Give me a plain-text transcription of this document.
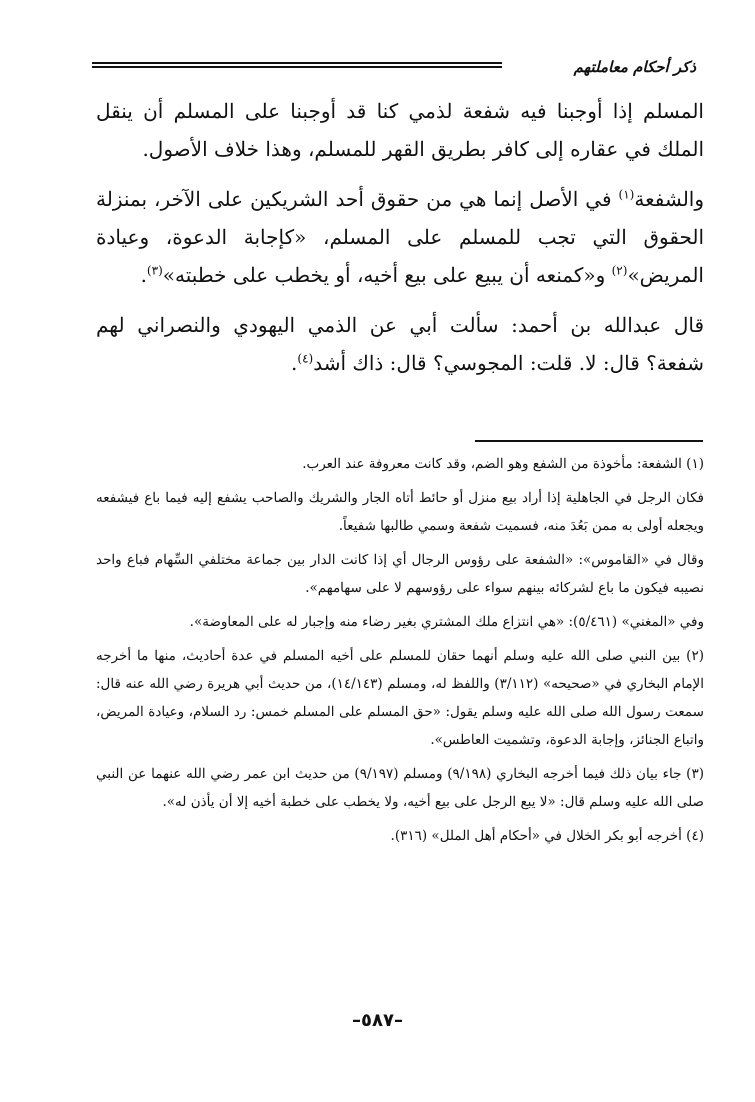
ذكر أحكام معاملتهم

المسلم إذا أوجبنا فيه شفعة لذمي كنا قد أوجبنا على المسلم أن ينقل الملك في عقاره إلى كافر بطريق القهر للمسلم، وهذا خلاف الأصول.

والشفعة$^{(١)}$ في الأصل إنما هي من حقوق أحد الشريكين على الآخر، بمنزلة الحقوق التي تجب للمسلم على المسلم، «كإجابة الدعوة، وعيادة المريض»$^{(٢)}$ و«كمنعه أن يبيع على بيع أخيه، أو يخطب على خطبته»$^{(٣)}$.

قال عبدالله بن أحمد: سألت أبي عن الذمي اليهودي والنصراني لهم شفعة؟ قال: لا. قلت: المجوسي؟ قال: ذاك أشد$^{(٤)}$.

(١) الشفعة: مأخوذة من الشفع وهو الضم، وقد كانت معروفة عند العرب.

فكان الرجل في الجاهلية إذا أراد بيع منزل أو حائط أتاه الجار والشريك والصاحب يشفع إليه فيما باع فيشفعه ويجعله أولى به ممن بَعُدَ منه، فسميت شفعة وسمي طالبها شفيعاً.

وقال في «القاموس»: «الشفعة على رؤوس الرجال أي إذا كانت الدار بين جماعة مختلفي السِّهام فباع واحد نصيبه فيكون ما باع لشركائه بينهم سواء على رؤوسهم لا على سهامهم».

وفي «المغني» (٥/٤٦١): «هي انتزاع ملك المشتري بغير رضاء منه وإجبار له على المعاوضة».

(٢) بين النبي صلى الله عليه وسلم أنهما حقان للمسلم على أخيه المسلم في عدة أحاديث، منها ما أخرجه الإمام البخاري في «صحيحه» (٣/١١٢) واللفظ له، ومسلم (١٤/١٤٣)، من حديث أبي هريرة رضي الله عنه قال: سمعت رسول الله صلى الله عليه وسلم يقول: «حق المسلم على المسلم خمس: رد السلام، وعيادة المريض، واتباع الجنائز، وإجابة الدعوة، وتشميت العاطس».

(٣) جاء بيان ذلك فيما أخرجه البخاري (٩/١٩٨) ومسلم (٩/١٩٧) من حديث ابن عمر رضي الله عنهما عن النبي صلى الله عليه وسلم قال: «لا يبع الرجل على بيع أخيه، ولا يخطب على خطبة أخيه إلا أن يأذن له».

(٤) أخرجه أبو بكر الخلال في «أحكام أهل الملل» (٣١٦).

–٥٨٧–
